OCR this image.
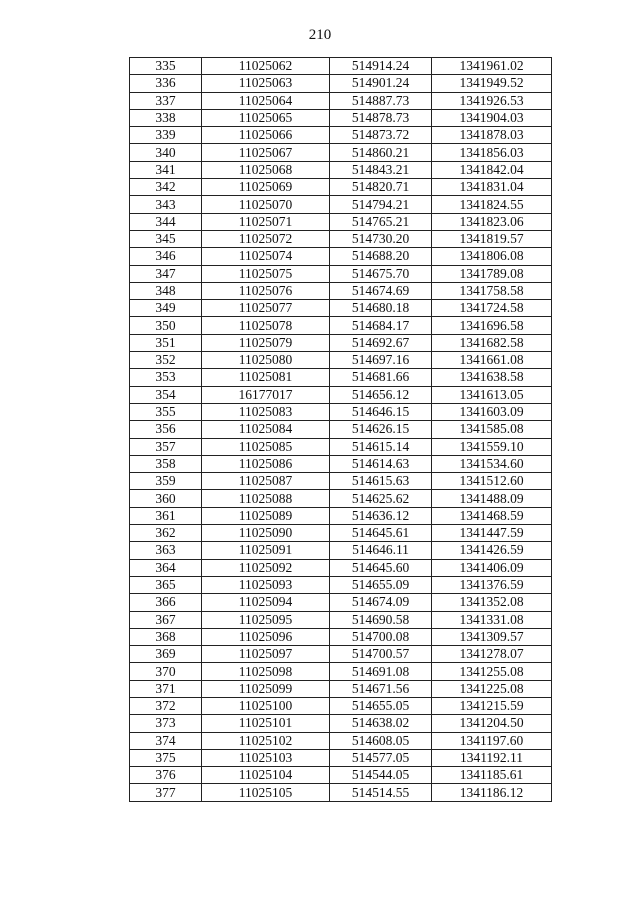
210
335	11025062	514914.24	1341961.02
336	11025063	514901.24	1341949.52
337	11025064	514887.73	1341926.53
338	11025065	514878.73	1341904.03
339	11025066	514873.72	1341878.03
340	11025067	514860.21	1341856.03
341	11025068	514843.21	1341842.04
342	11025069	514820.71	1341831.04
343	11025070	514794.21	1341824.55
344	11025071	514765.21	1341823.06
345	11025072	514730.20	1341819.57
346	11025074	514688.20	1341806.08
347	11025075	514675.70	1341789.08
348	11025076	514674.69	1341758.58
349	11025077	514680.18	1341724.58
350	11025078	514684.17	1341696.58
351	11025079	514692.67	1341682.58
352	11025080	514697.16	1341661.08
353	11025081	514681.66	1341638.58
354	16177017	514656.12	1341613.05
355	11025083	514646.15	1341603.09
356	11025084	514626.15	1341585.08
357	11025085	514615.14	1341559.10
358	11025086	514614.63	1341534.60
359	11025087	514615.63	1341512.60
360	11025088	514625.62	1341488.09
361	11025089	514636.12	1341468.59
362	11025090	514645.61	1341447.59
363	11025091	514646.11	1341426.59
364	11025092	514645.60	1341406.09
365	11025093	514655.09	1341376.59
366	11025094	514674.09	1341352.08
367	11025095	514690.58	1341331.08
368	11025096	514700.08	1341309.57
369	11025097	514700.57	1341278.07
370	11025098	514691.08	1341255.08
371	11025099	514671.56	1341225.08
372	11025100	514655.05	1341215.59
373	11025101	514638.02	1341204.50
374	11025102	514608.05	1341197.60
375	11025103	514577.05	1341192.11
376	11025104	514544.05	1341185.61
377	11025105	514514.55	1341186.12
